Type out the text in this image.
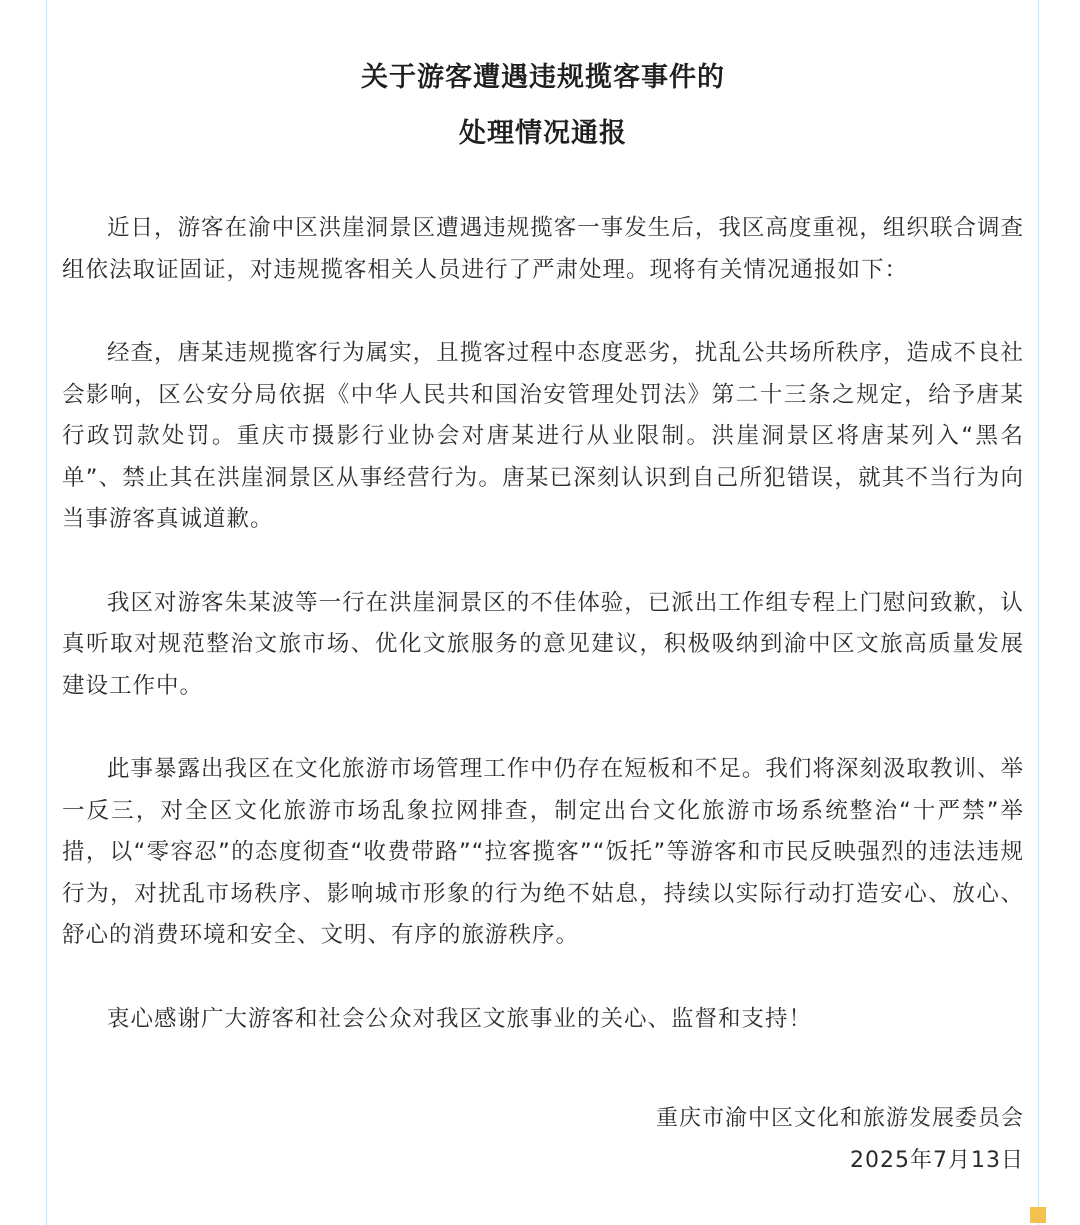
关于游客遭遇违规揽客事件的
处理情况通报

近日，游客在渝中区洪崖洞景区遭遇违规揽客一事发生后，我区高度重视，组织联合调查组依法取证固证，对违规揽客相关人员进行了严肃处理。现将有关情况通报如下：

经查，唐某违规揽客行为属实，且揽客过程中态度恶劣，扰乱公共场所秩序，造成不良社会影响，区公安分局依据《中华人民共和国治安管理处罚法》第二十三条之规定，给予唐某行政罚款处罚。重庆市摄影行业协会对唐某进行从业限制。洪崖洞景区将唐某列入“黑名单”、禁止其在洪崖洞景区从事经营行为。唐某已深刻认识到自己所犯错误，就其不当行为向当事游客真诚道歉。

我区对游客朱某波等一行在洪崖洞景区的不佳体验，已派出工作组专程上门慰问致歉，认真听取对规范整治文旅市场、优化文旅服务的意见建议，积极吸纳到渝中区文旅高质量发展建设工作中。

此事暴露出我区在文化旅游市场管理工作中仍存在短板和不足。我们将深刻汲取教训、举一反三，对全区文化旅游市场乱象拉网排查，制定出台文化旅游市场系统整治“十严禁”举措，以“零容忍”的态度彻查“收费带路”“拉客揽客”“饭托”等游客和市民反映强烈的违法违规行为，对扰乱市场秩序、影响城市形象的行为绝不姑息，持续以实际行动打造安心、放心、舒心的消费环境和安全、文明、有序的旅游秩序。

衷心感谢广大游客和社会公众对我区文旅事业的关心、监督和支持！

重庆市渝中区文化和旅游发展委员会

2025年7月13日
